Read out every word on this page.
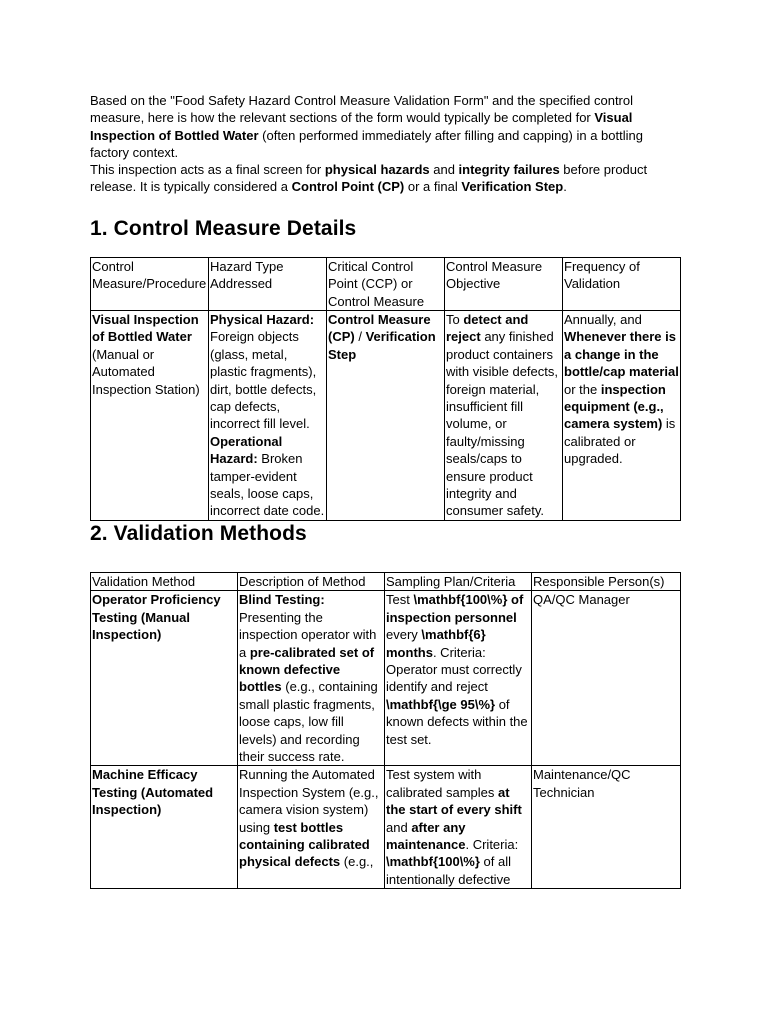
Based on the "Food Safety Hazard Control Measure Validation Form" and the specified control measure, here is how the relevant sections of the form would typically be completed for Visual Inspection of Bottled Water (often performed immediately after filling and capping) in a bottling factory context.

This inspection acts as a final screen for physical hazards and integrity failures before product release. It is typically considered a Control Point (CP) or a final Verification Step.

1. Control Measure Details
Control Measure/Procedure	Hazard Type Addressed	Critical Control Point (CCP) or Control Measure	Control Measure Objective	Frequency of Validation
Visual Inspection of Bottled Water (Manual or Automated Inspection Station)	Physical Hazard: Foreign objects (glass, metal, plastic fragments), dirt, bottle defects, cap defects, incorrect fill level. Operational Hazard: Broken tamper-evident seals, loose caps, incorrect date code.	Control Measure (CP) / Verification Step	To detect and reject any finished product containers with visible defects, foreign material, insufficient fill volume, or faulty/missing seals/caps to ensure product integrity and consumer safety.	Annually, and Whenever there is a change in the bottle/cap material or the inspection equipment (e.g., camera system) is calibrated or upgraded.
2. Validation Methods
Validation Method	Description of Method	Sampling Plan/Criteria	Responsible Person(s)
Operator Proficiency Testing (Manual Inspection)	Blind Testing: Presenting the inspection operator with a pre-calibrated set of known defective bottles (e.g., containing small plastic fragments, loose caps, low fill levels) and recording their success rate.	Test \mathbf{100\%} of inspection personnel every \mathbf{6} months. Criteria: Operator must correctly identify and reject \mathbf{\ge 95\%} of known defects within the test set.	QA/QC Manager
Machine Efficacy Testing (Automated Inspection)	Running the Automated Inspection System (e.g., camera vision system) using test bottles containing calibrated physical defects (e.g.,	Test system with calibrated samples at the start of every shift and after any maintenance. Criteria: \mathbf{100\%} of all intentionally defective	Maintenance/QC Technician
